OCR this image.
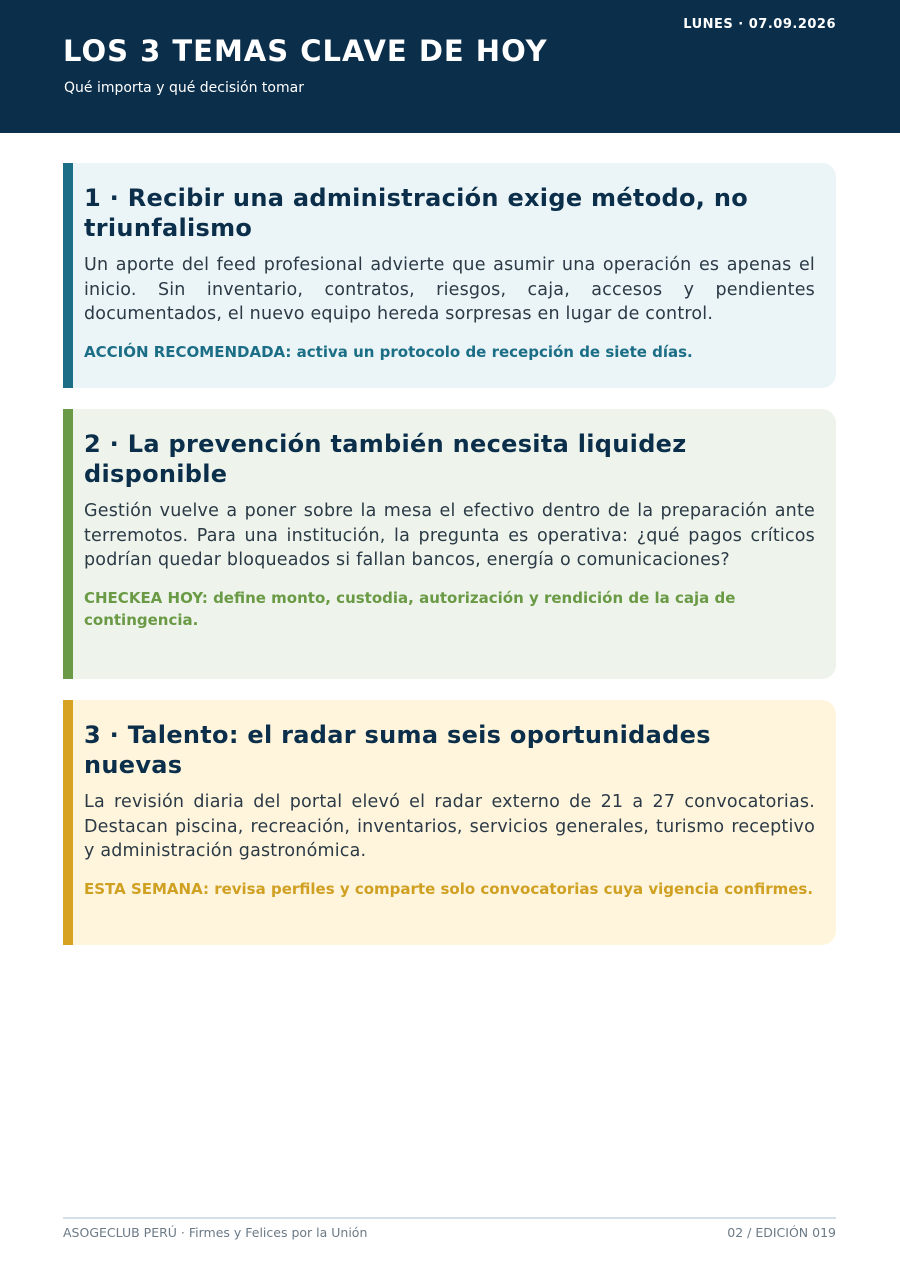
LUNES · 07.09.2026
LOS 3 TEMAS CLAVE DE HOY
Qué importa y qué decisión tomar
1 · Recibir una administración exige método, no triunfalismo

Un aporte del feed profesional advierte que asumir una operación es apenas el inicio. Sin inventario, contratos, riesgos, caja, accesos y pendientes documentados, el nuevo equipo hereda sorpresas en lugar de control.

ACCIÓN RECOMENDADA: activa un protocolo de recepción de siete días.
2 · La prevención también necesita liquidez disponible

Gestión vuelve a poner sobre la mesa el efectivo dentro de la preparación ante terremotos. Para una institución, la pregunta es operativa: ¿qué pagos críticos podrían quedar bloqueados si fallan bancos, energía o comunicaciones?

CHECKEA HOY: define monto, custodia, autorización y rendición de la caja de contingencia.
3 · Talento: el radar suma seis oportunidades nuevas

La revisión diaria del portal elevó el radar externo de 21 a 27 convocatorias. Destacan piscina, recreación, inventarios, servicios generales, turismo receptivo y administración gastronómica.

ESTA SEMANA: revisa perfiles y comparte solo convocatorias cuya vigencia confirmes.
ASOGECLUB PERÚ · Firmes y Felices por la Unión	02 / EDICIÓN 019
